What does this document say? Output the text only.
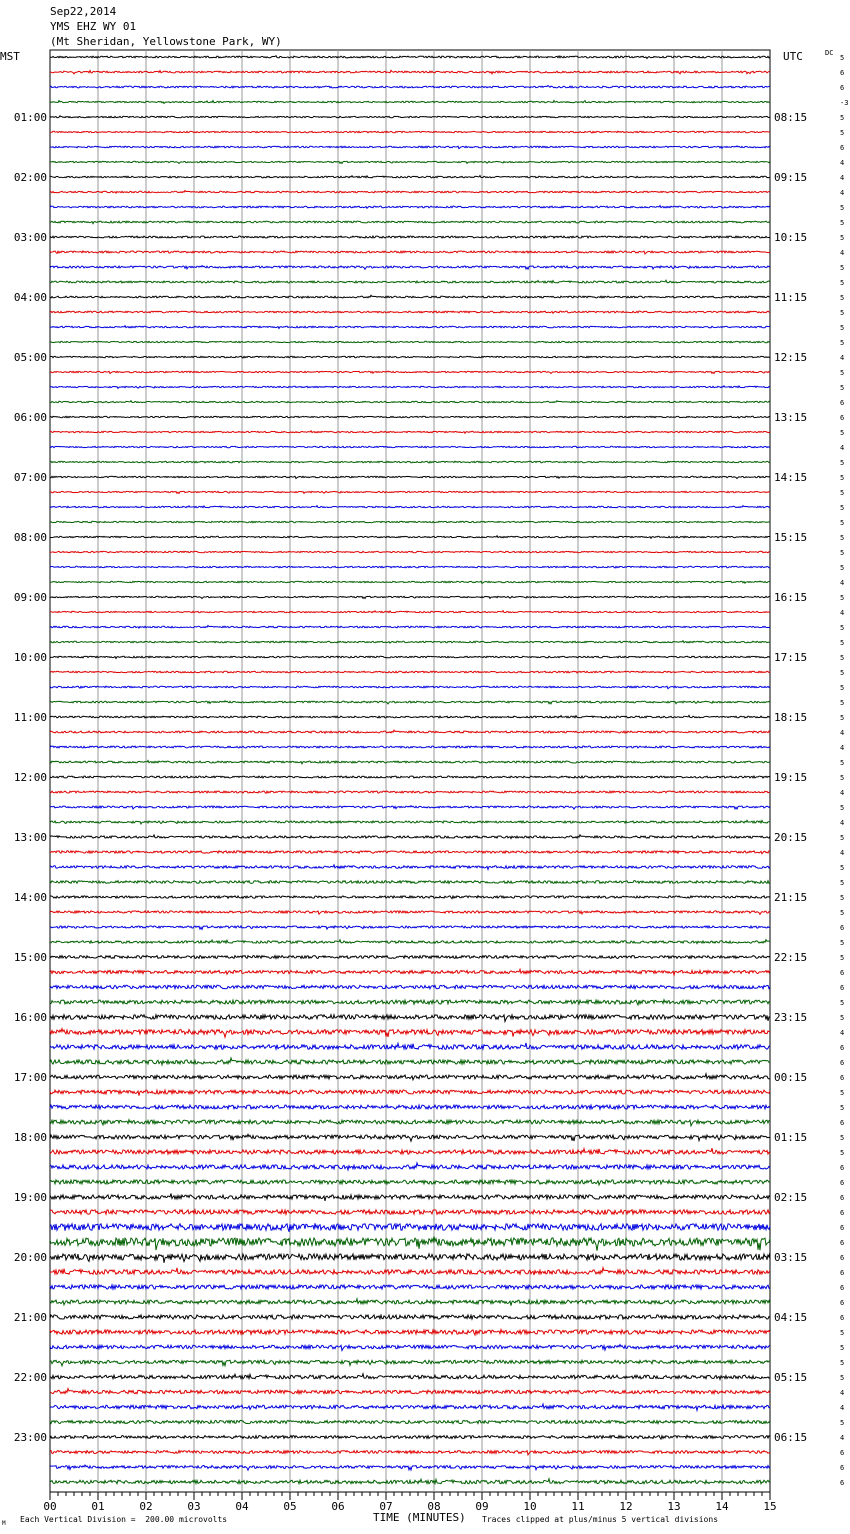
Sep22,2014
YMS EHZ WY 01
(Mt Sheridan, Yellowstone Park, WY)
MST	UTC	DC
5
6
6
-3
5
5
6
4
4
4
5
5
5
4
5
5
5
5
5
5
4
5
5
6
6
5
4
5
5
5
5
5
5
5
5
4
5
4
5
5
5
5
5
5
5
4
4
5
5
4
5
4
5
4
5
5
5
5
6
5
5
6
6
5
5
4
6
6
6
5
5
6
5
5
6
6
6
6
6
6
6
6
6
6
6
5
5
5
5
4
4
5
4
6
6
6
01:00
02:00
03:00
04:00
05:00
06:00
07:00
08:00
09:00
10:00
11:00
12:00
13:00
14:00
15:00
16:00
17:00
18:00
19:00
20:00
21:00
22:00
23:00
08:15
09:15
10:15
11:15
12:15
13:15
14:15
15:15
16:15
17:15
18:15
19:15
20:15
21:15
22:15
23:15
00:15
01:15
02:15
03:15
04:15
05:15
06:15
00	01	02	03	04	05	06	07	08	09	10	11	12	13	14	15
M Each Vertical Division =  200.00 microvolts	TIME (MINUTES) Traces clipped at plus/minus 5 vertical divisions
